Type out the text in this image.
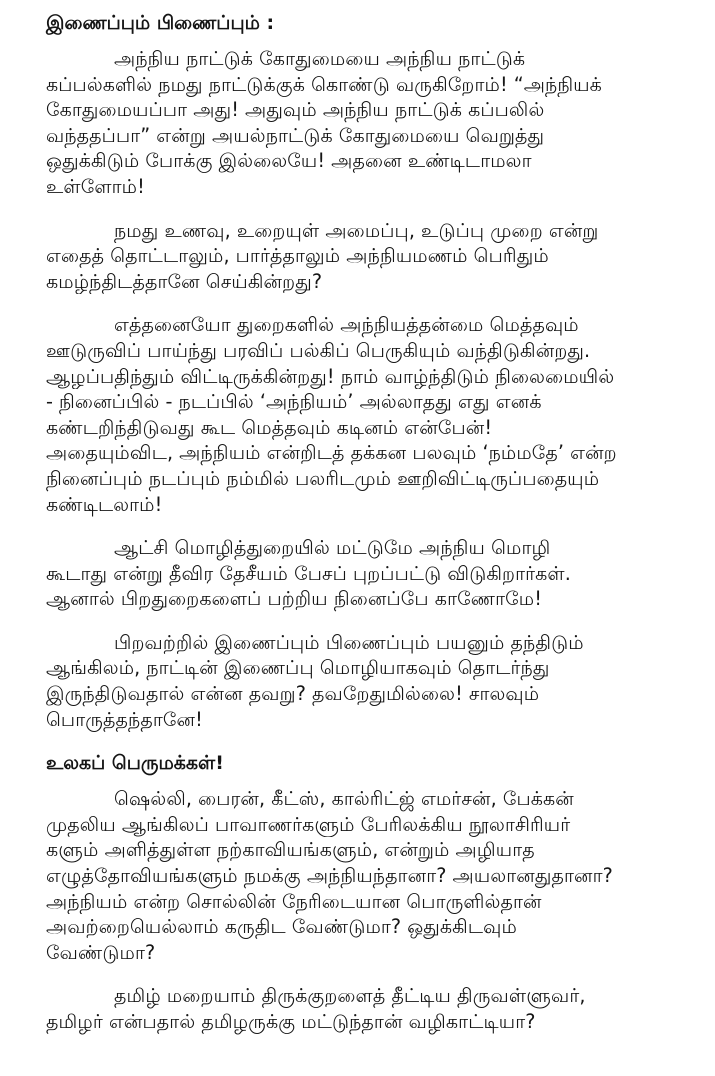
இணைப்பும் பிணைப்பும் :
அந்நிய நாட்டுக் கோதுமையை அந்நிய நாட்டுக்
கப்பல்களில் நமது நாட்டுக்குக் கொண்டு வருகிறோம்! “அந்நியக்
கோதுமையப்பா அது! அதுவும் அந்நிய நாட்டுக் கப்பலில்
வந்ததப்பா” என்று அயல்நாட்டுக் கோதுமையை வெறுத்து
ஒதுக்கிடும் போக்கு இல்லையே! அதனை உண்டிடாமலா
உள்ளோம்!
நமது உணவு, உறையுள் அமைப்பு, உடுப்பு முறை என்று
எதைத் தொட்டாலும், பார்த்தாலும் அந்நியமணம் பெரிதும்
கமழ்ந்திடத்தானே செய்கின்றது?
எத்தனையோ துறைகளில் அந்நியத்தன்மை மெத்தவும்
ஊடுருவிப் பாய்ந்து பரவிப் பல்கிப் பெருகியும் வந்திடுகின்றது.
ஆழப்பதிந்தும் விட்டிருக்கின்றது! நாம் வாழ்ந்திடும் நிலைமையில்
- நினைப்பில் - நடப்பில் ‘அந்நியம்’ அல்லாதது எது எனக்
கண்டறிந்திடுவது கூட மெத்தவும் கடினம் என்பேன்!
அதையும்விட, அந்நியம் என்றிடத் தக்கன பலவும் ‘நம்மதே’ என்ற
நினைப்பும் நடப்பும் நம்மில் பலரிடமும் ஊறிவிட்டிருப்பதையும்
கண்டிடலாம்!
ஆட்சி மொழித்துறையில் மட்டுமே அந்நிய மொழி
கூடாது என்று தீவிர தேசீயம் பேசப் புறப்பட்டு விடுகிறார்கள்.
ஆனால் பிறதுறைகளைப் பற்றிய நினைப்பே காணோமே!
பிறவற்றில் இணைப்பும் பிணைப்பும் பயனும் தந்திடும்
ஆங்கிலம், நாட்டின் இணைப்பு மொழியாகவும் தொடர்ந்து
இருந்திடுவதால் என்ன தவறு? தவறேதுமில்லை! சாலவும்
பொருத்தந்தானே!
உலகப் பெருமக்கள்!
ஷெல்லி, பைரன், கீட்ஸ், கால்ரிட்ஜ் எமர்சன், பேக்கன்
முதலிய ஆங்கிலப் பாவாணர்களும் பேரிலக்கிய நூலாசிரியர்
களும் அளித்துள்ள நற்காவியங்களும், என்றும் அழியாத
எழுத்தோவியங்களும் நமக்கு அந்நியந்தானா? அயலானதுதானா?
அந்நியம் என்ற சொல்லின் நேரிடையான பொருளில்தான்
அவற்றையெல்லாம் கருதிட வேண்டுமா? ஒதுக்கிடவும்
வேண்டுமா?
தமிழ் மறையாம் திருக்குறளைத் தீட்டிய திருவள்ளுவர்,
தமிழர் என்பதால் தமிழருக்கு மட்டுந்தான் வழிகாட்டியா?
